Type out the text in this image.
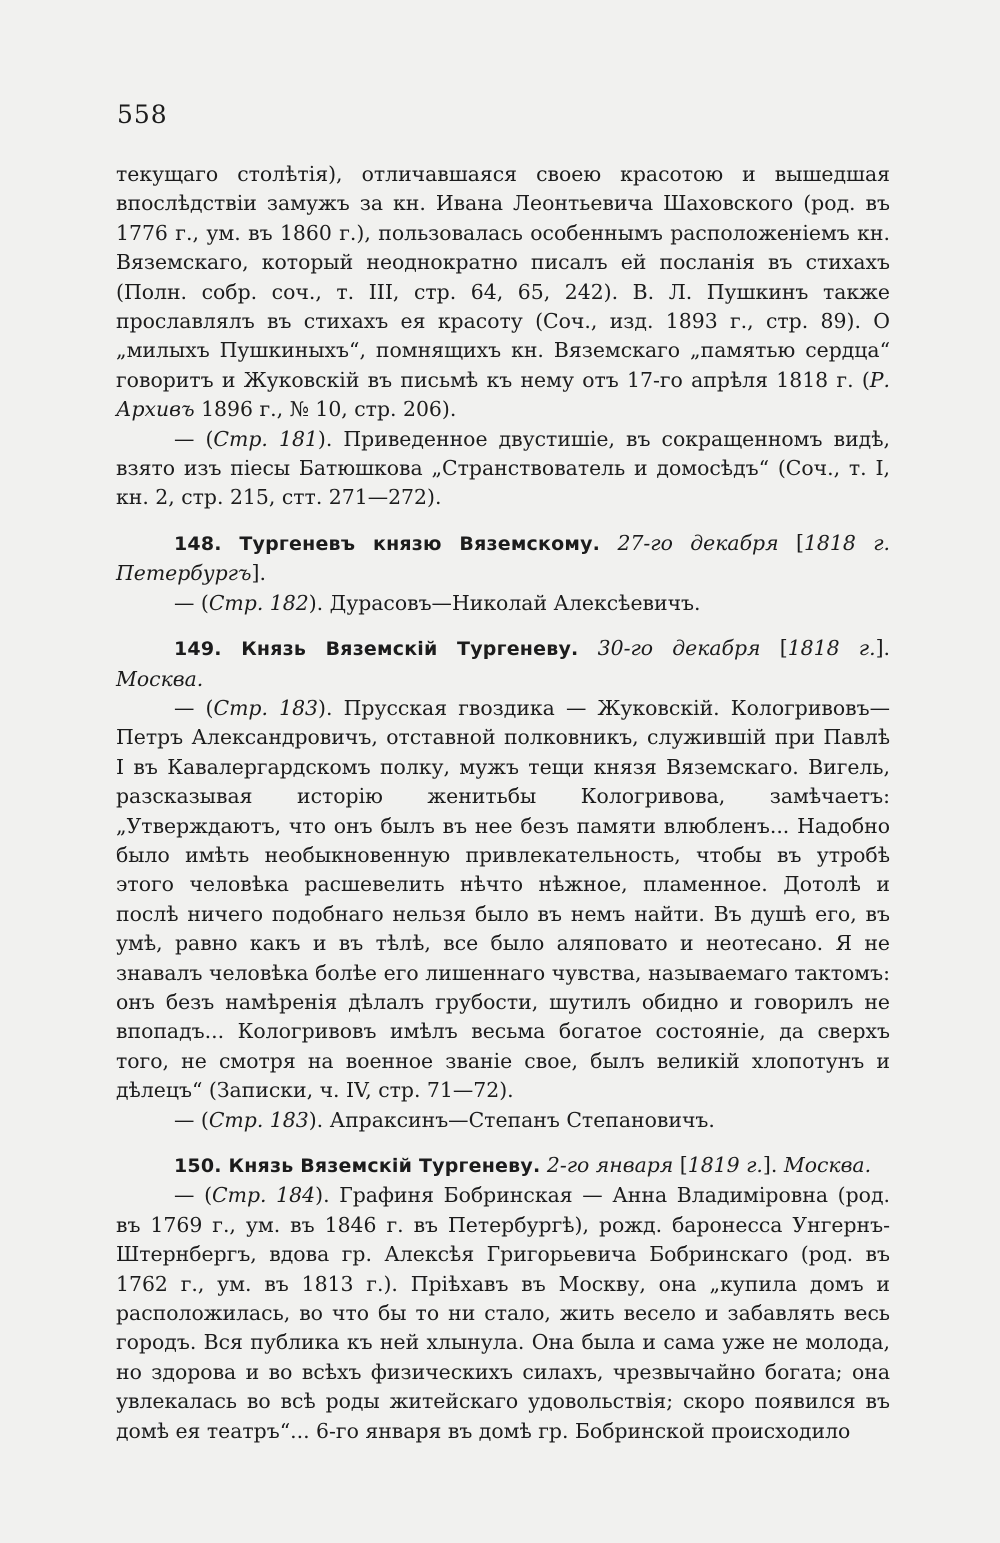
558

текущаго столѣтія), отличавшаяся своею красотою и вышедшая впослѣдствіи замужъ за кн. Ивана Леонтьевича Шаховского (род. въ 1776 г., ум. въ 1860 г.), пользовалась особеннымъ расположеніемъ кн. Вяземскаго, который неоднократно писалъ ей посланія въ стихахъ (Полн. собр. соч., т. III, стр. 64, 65, 242). В. Л. Пушкинъ также прославлялъ въ стихахъ ея красоту (Соч., изд. 1893 г., стр. 89). О „милыхъ Пушкиныхъ“, помнящихъ кн. Вяземскаго „памятью сердца“ говоритъ и Жуковскій въ письмѣ къ нему отъ 17-го апрѣля 1818 г. (Р. Архивъ 1896 г., № 10, стр. 206).

— (Стр. 181). Приведенное двустишіе, въ сокращенномъ видѣ, взято изъ піесы Батюшкова „Странствователь и домосѣдъ“ (Соч., т. I, кн. 2, стр. 215, стт. 271—272).

148. Тургеневъ князю Вяземскому. 27-го декабря [1818 г. Петербургъ].

— (Стр. 182). Дурасовъ—Николай Алексѣевичъ.

149. Князь Вяземскій Тургеневу. 30-го декабря [1818 г.]. Москва.

— (Стр. 183). Прусская гвоздика — Жуковскій. Кологривовъ—Петръ Александровичъ, отставной полковникъ, служившій при Павлѣ I въ Кавалергардскомъ полку, мужъ тещи князя Вяземскаго. Вигель, разсказывая исторію женитьбы Кологривова, замѣчаетъ: „Утверждаютъ, что онъ былъ въ нее безъ памяти влюбленъ... Надобно было имѣть необыкновенную привлекательность, чтобы въ утробѣ этого человѣка расшевелить нѣчто нѣжное, пламенное. Дотолѣ и послѣ ничего подобнаго нельзя было въ немъ найти. Въ душѣ его, въ умѣ, равно какъ и въ тѣлѣ, все было аляповато и неотесано. Я не знавалъ человѣка болѣе его лишеннаго чувства, называемаго тактомъ: онъ безъ намѣренія дѣлалъ грубости, шутилъ обидно и говорилъ не впопадъ... Кологривовъ имѣлъ весьма богатое состояніе, да сверхъ того, не смотря на военное званіе свое, былъ великій хлопотунъ и дѣлецъ“ (Записки, ч. IV, стр. 71—72).

— (Стр. 183). Апраксинъ—Степанъ Степановичъ.

150. Князь Вяземскій Тургеневу. 2-го января [1819 г.]. Москва.

— (Стр. 184). Графиня Бобринская — Анна Владиміровна (род. въ 1769 г., ум. въ 1846 г. въ Петербургѣ), рожд. баронесса Унгернъ-Штернбергъ, вдова гр. Алексѣя Григорьевича Бобринскаго (род. въ 1762 г., ум. въ 1813 г.). Пріѣхавъ въ Москву, она „купила домъ и расположилась, во что бы то ни стало, жить весело и забавлять весь городъ. Вся публика къ ней хлынула. Она была и сама уже не молода, но здорова и во всѣхъ физическихъ силахъ, чрезвычайно богата; она увлекалась во всѣ роды житейскаго удовольствія; скоро появился въ домѣ ея театръ“... 6-го января въ домѣ гр. Бобринской происходило
